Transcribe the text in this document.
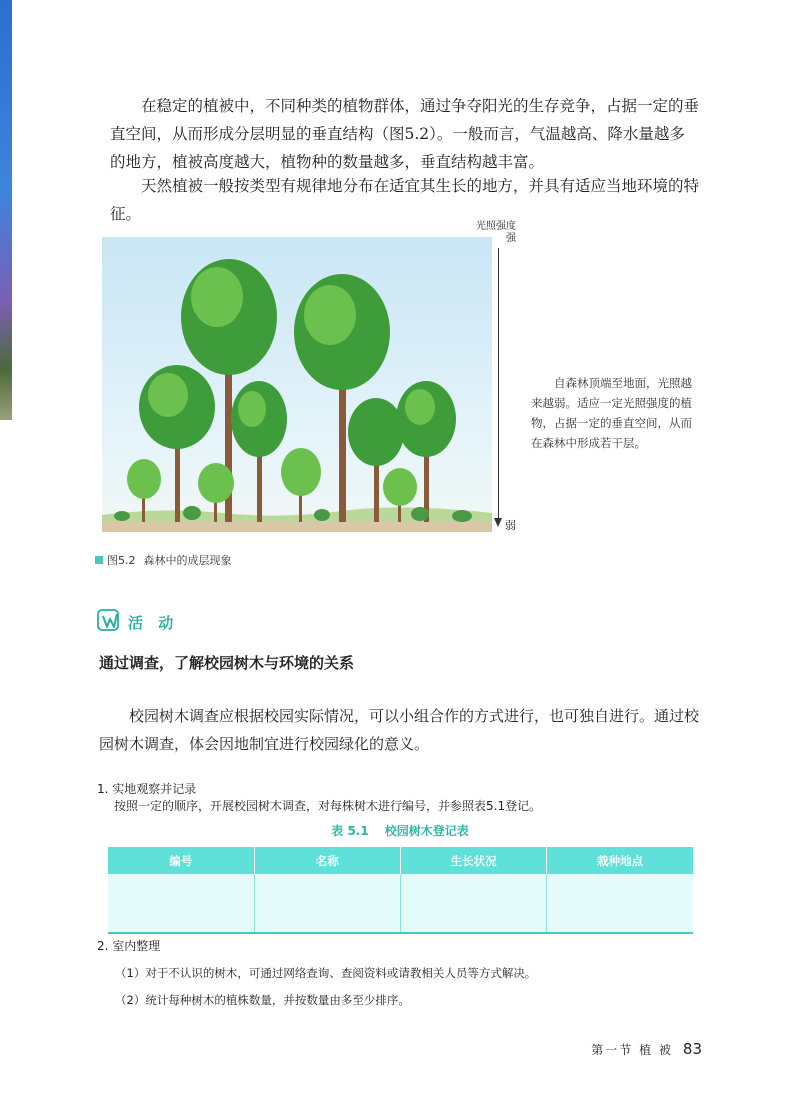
在稳定的植被中，不同种类的植物群体，通过争夺阳光的生存竞争，占据一定的垂直空间，从而形成分层明显的垂直结构（图5.2）。一般而言，气温越高、降水量越多的地方，植被高度越大，植物种的数量越多，垂直结构越丰富。

天然植被一般按类型有规律地分布在适宜其生长的地方，并具有适应当地环境的特征。

光照强度
强
弱

自森林顶端至地面，光照越来越弱。适应一定光照强度的植物，占据一定的垂直空间，从而在森林中形成若干层。

图5.2 森林中的成层现象
活 动
通过调查，了解校园树木与环境的关系

校园树木调查应根据校园实际情况，可以小组合作的方式进行，也可独自进行。通过校园树木调查，体会因地制宜进行校园绿化的意义。

1. 实地观察并记录
按照一定的顺序，开展校园树木调查，对每株树木进行编号，并参照表5.1登记。
表 5.1 校园树木登记表
编号	名称	生长状况	栽种地点

2. 室内整理
（1）对于不认识的树木，可通过网络查询、查阅资料或请教相关人员等方式解决。
（2）统计每种树木的植株数量，并按数量由多至少排序。
第一节 植 被 83
